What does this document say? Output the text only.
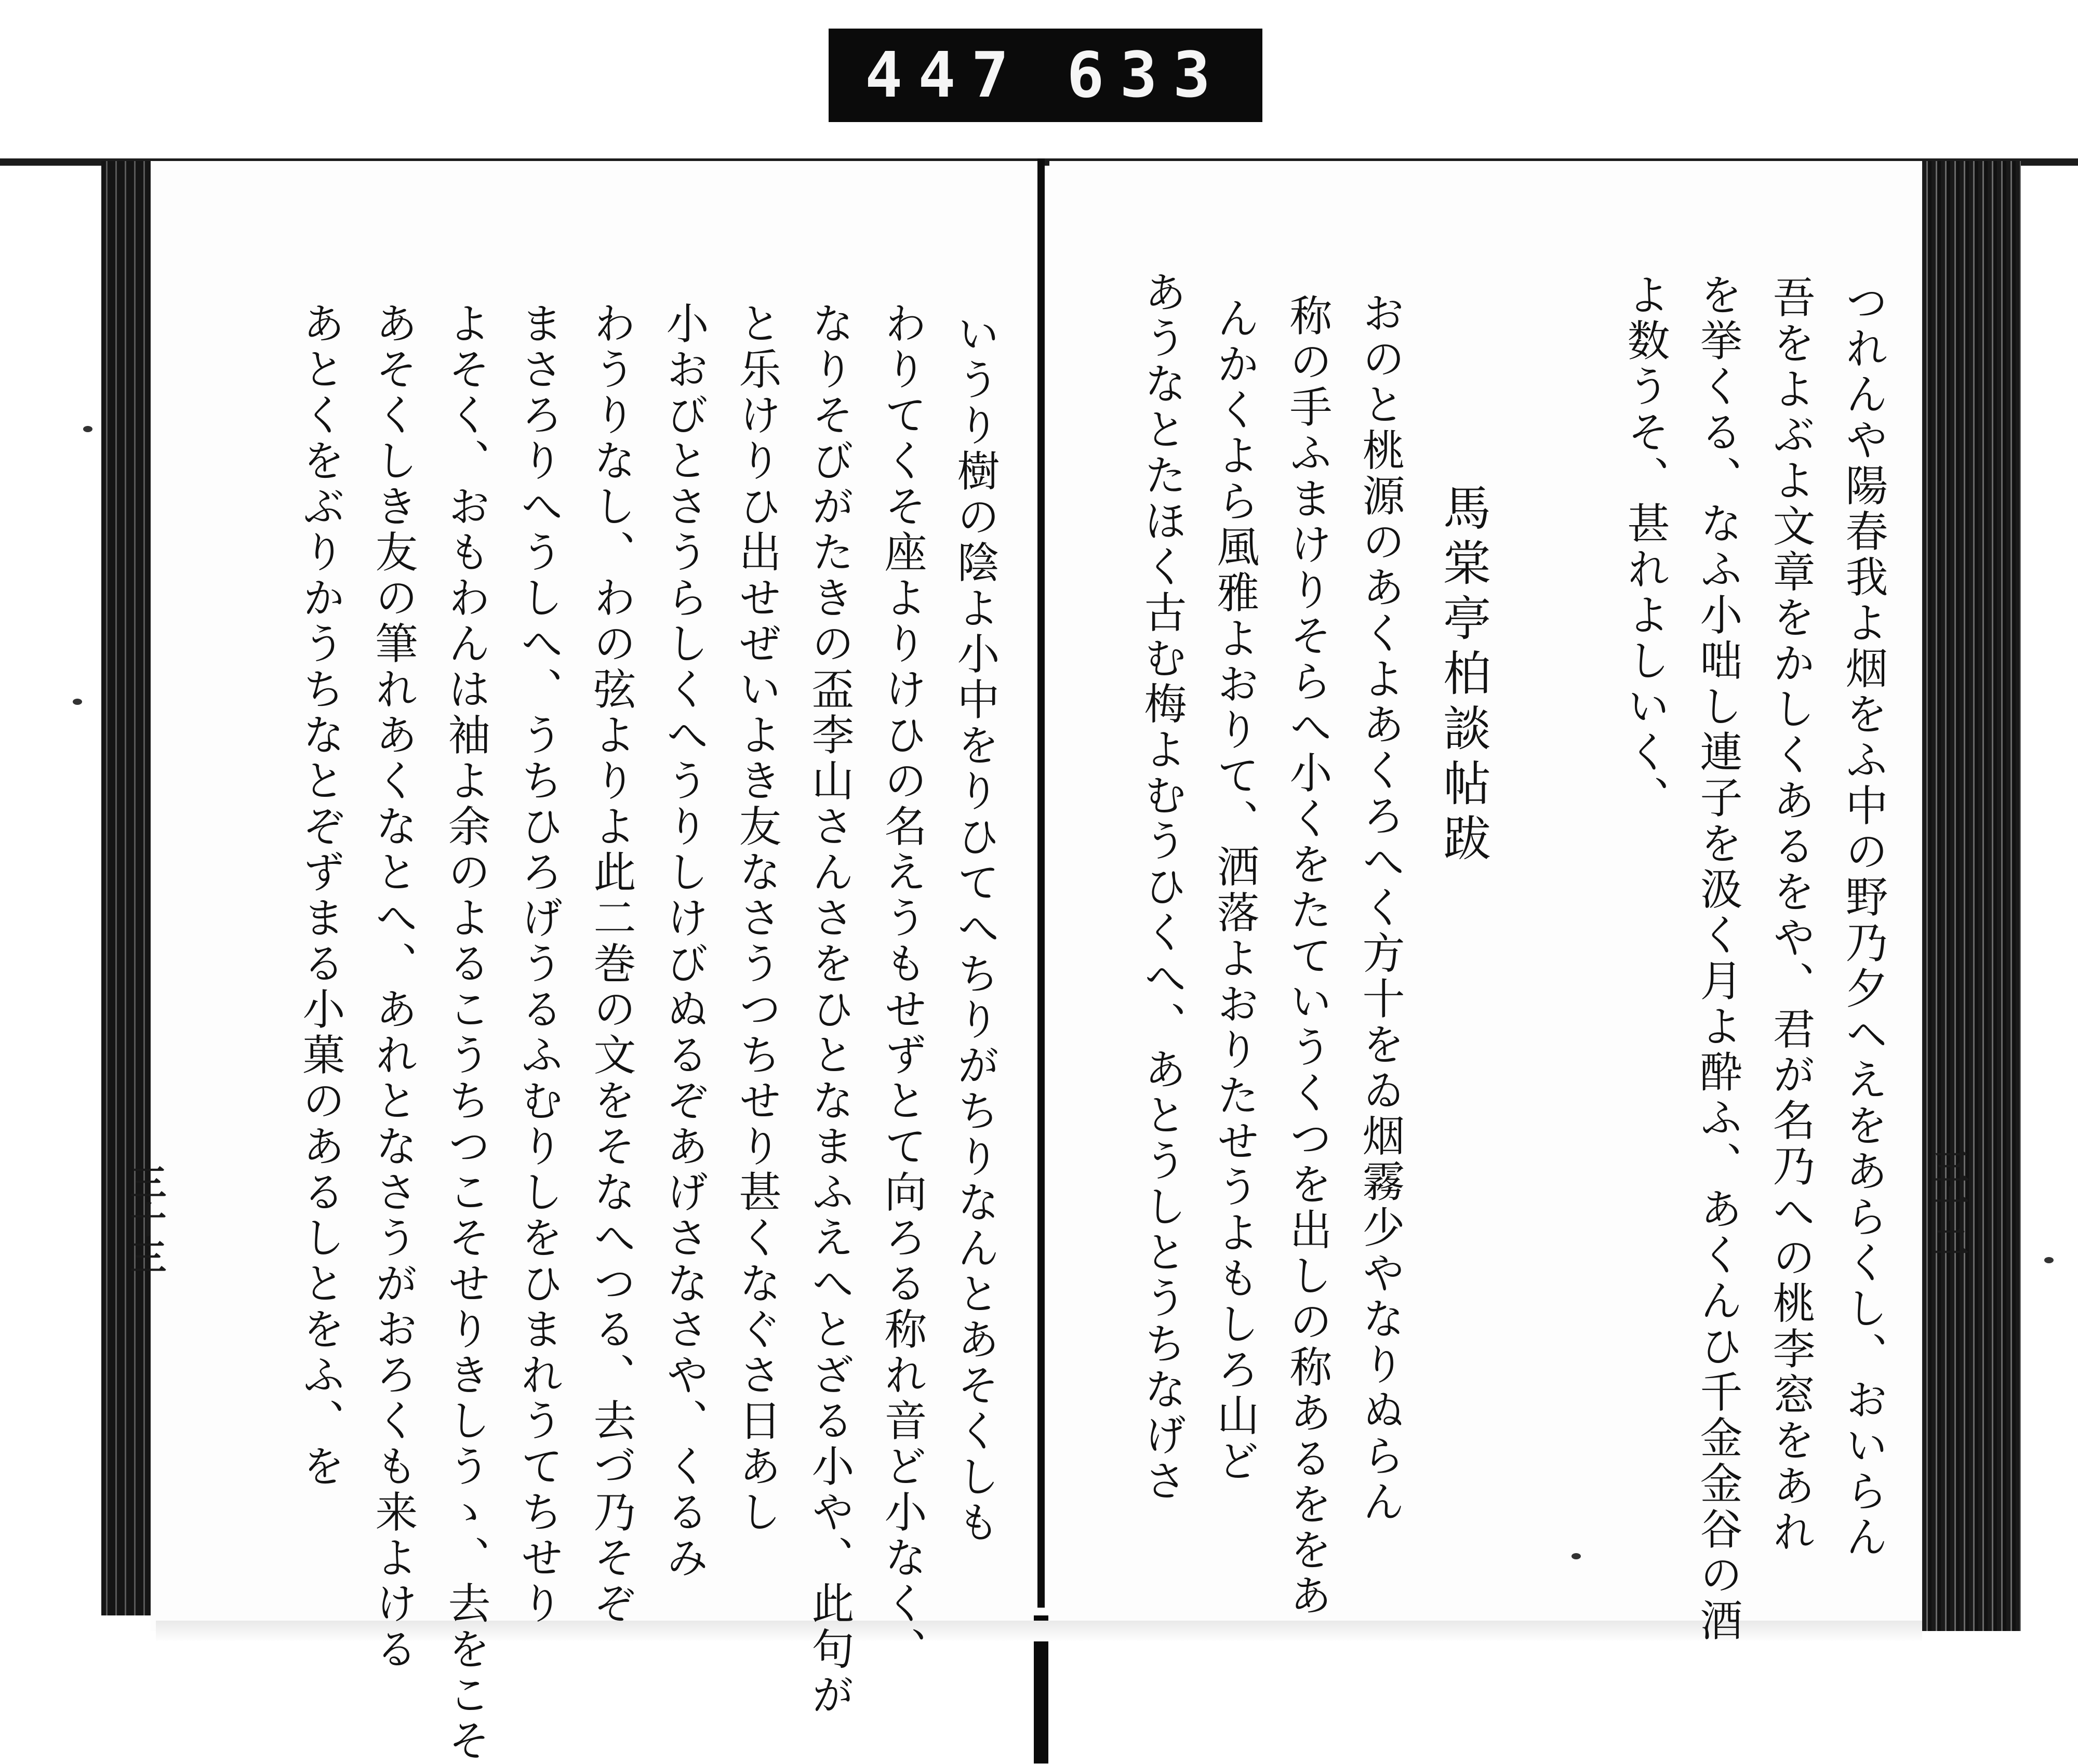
447 633
つれんや陽春我よ烟をふ中の野乃夕ヘえをあらくし、おいらん
吾をよぶよ文章をかしくあるをや、君が名乃への桃李窓をあれ
を挙くる、なふ小咄し連子を汲く月よ酔ふ、あくんひ千金金谷の酒
よ数うそ、甚れよしいく、
馬棠亭柏談帖跋
おのと桃源のあくよあくろへく方十をゐ烟霧少やなりぬらん
称の手ふまけりそらへ小くをたていうくつを出しの称あるををあ
んかくよら風雅よおりて、洒落よおりたせうよもしろ山ど
あうなとたほく古む梅よむうひくへ、あとうしとうちなげさ	三十二
いうり樹の陰よ小中をりひてへちりがちりなんとあそくしも
わりてくそ座よりけひの名えうもせずとて向ろる称れ音ど小なく、
なりそびがたきの盃李山さんさをひとなまふえへとざる小や、此句が
と乐けりひ出せぜいよき友なさうつちせり甚くなぐさ日あし
小おびとさうらしくへうりしけびぬるぞあげさなさや、くるみ
わうりなし、わの弦よりよ此二巻の文をそなへつる、去づ乃そぞ
まさろりへうしへ、うちひろげうるふむりしをひまれうてちせり
よそく、おもわんは袖よ余のよるこうちつこそせりきしうゝ、去をこそ
あそくしき友の筆れあくなとへ、あれとなさうがおろくも来よける
あとくをぶりかうちなとぞずまる小菓のあるしとをふ、を
三十三
